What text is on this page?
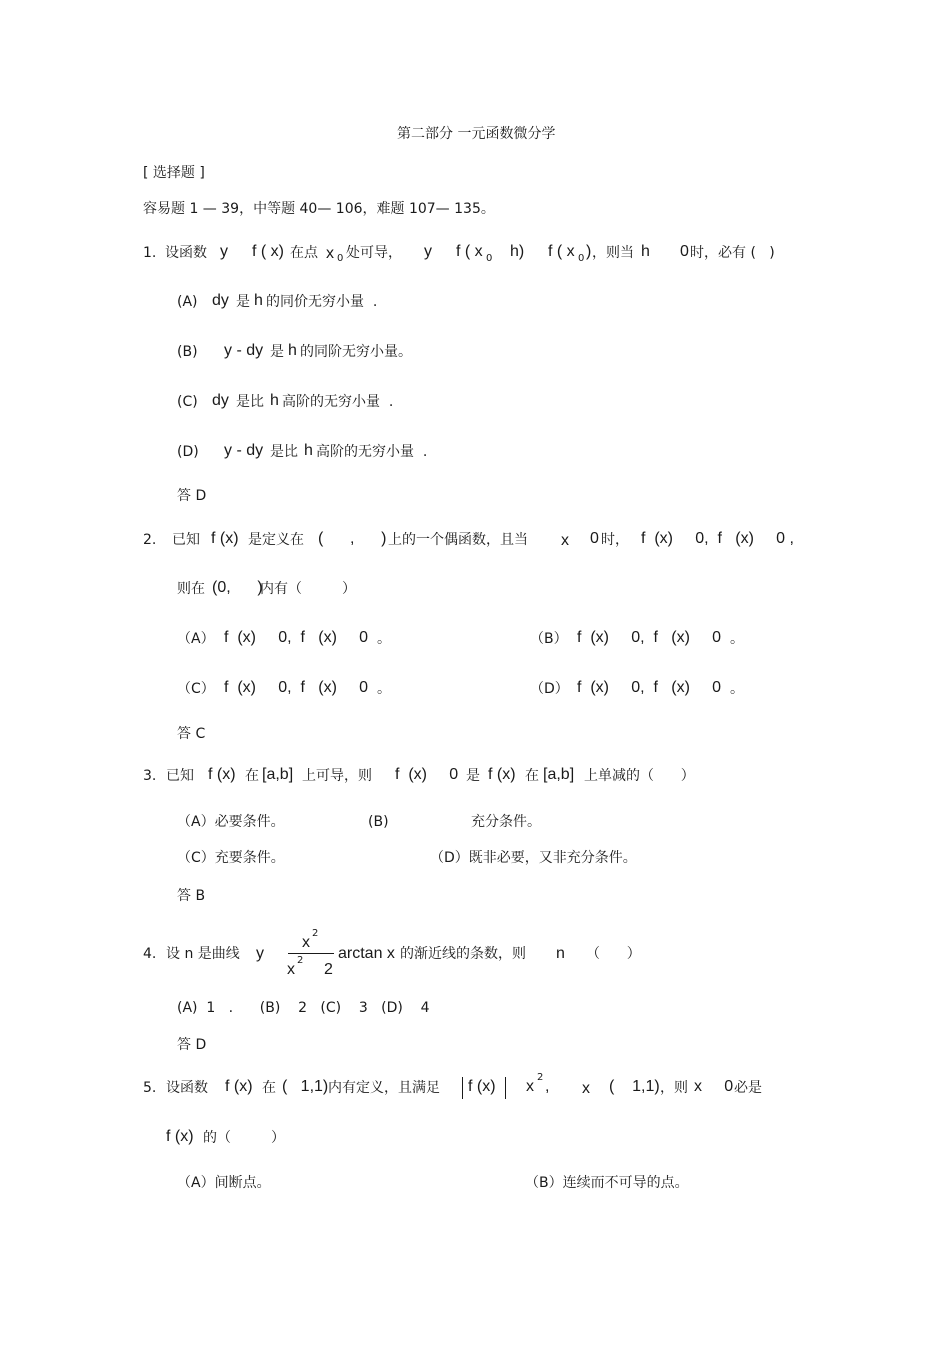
第二部分 一元函数微分学
[ 选择题 ]
容易题 1 — 39，中等题 40— 106，难题 107— 135。
1. 设函数 y f ( x) 在点 x 0 处可导， y f ( x 0 h) f ( x 0 ) ，则当 h 0 时，必有 (   )
(A) dy 是 h 的同价无穷小量  .
(B) y - dy 是 h 的同阶无穷小量。
(C) dy 是比 h 高阶的无穷小量  .
(D) y - dy 是比 h 高阶的无穷小量  .
答 D
2. 已知 f (x) 是定义在 (      ,      ) 上的一个偶函数，且当 x 0 时， f  (x)     0,  f   (x)     0 ,
则在 (0,      )
内有（         ）
（A） f  (x)     0,  f   (x)     0 。	（B） f  (x)     0,  f   (x)     0 。
（C） f  (x)     0,  f   (x)     0 。	（D） f  (x)     0,  f   (x)     0 。
答 C
3. 已知 f (x) 在 [a,b] 上可导，则 f  (x)     0 是 f (x) 在 [a,b] 上单减的（      ）
（A）必要条件。	(B)	充分条件。
（C）充要条件。	（D）既非必要，又非充分条件。
答 B
4. 设 n 是曲线 y
x
2
x
2
2
arctan x 的渐近线的条数，则 n （      ）
(A)  1   .      (B)    2   (C)    3   (D)    4
答 D
5. 设函数 f (x) 在 (   1,1) 内有定义，且满足 f (x) x
2
, x (    1,1) ，则 x     0 必是
f (x) 的（         ）
（A）间断点。	（B）连续而不可导的点。
